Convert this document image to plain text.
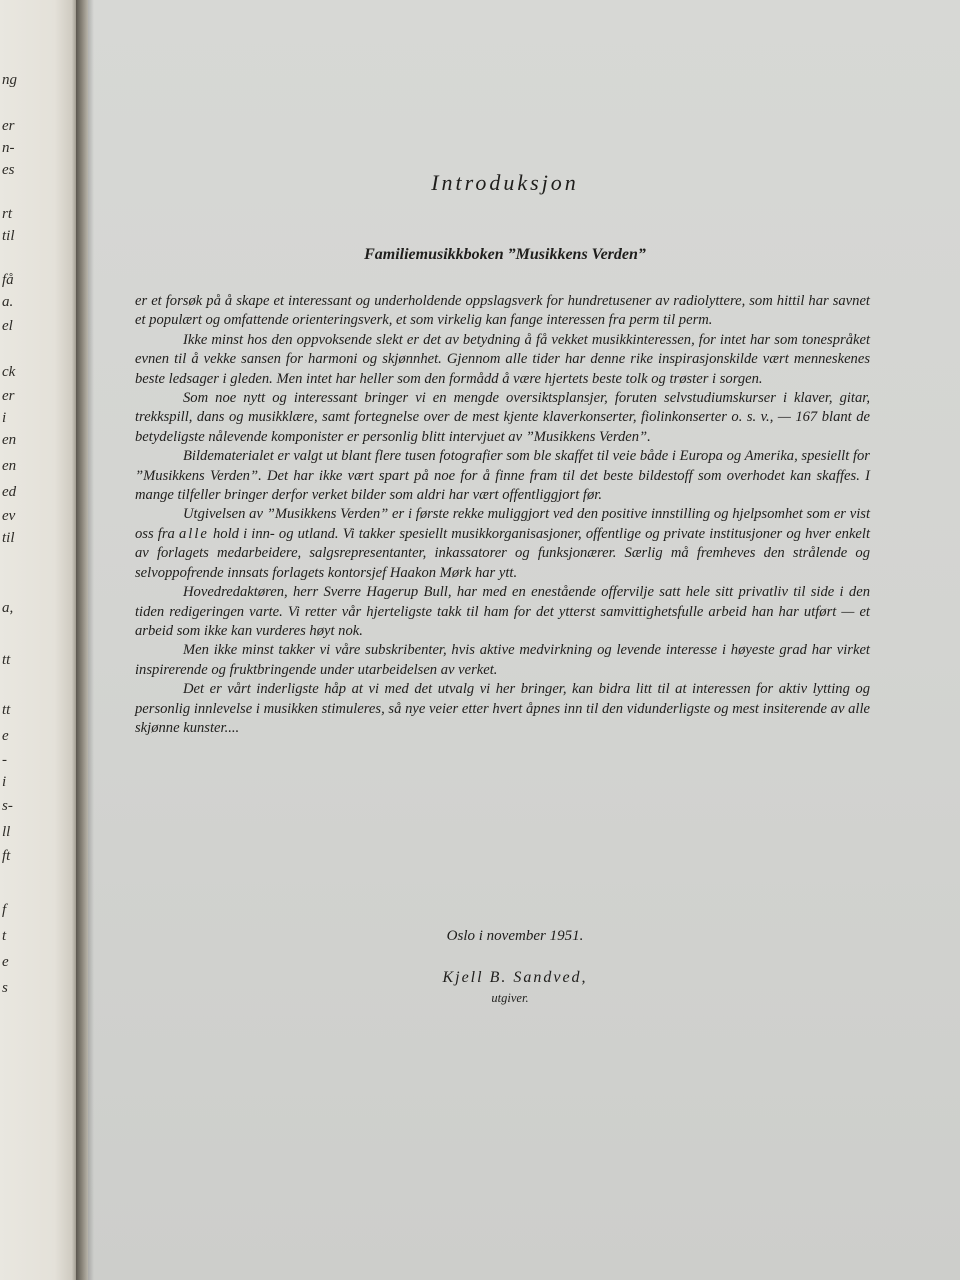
ng
er
n-
es
rt
til
få
a.
el
ck
er
i
en
en
ed
ev
til
a,
tt
tt
e
-
i
s-
ll
ft
f
t
e
s
Introduksjon
Familiemusikkboken ”Musikkens Verden”

er et forsøk på å skape et interessant og underholdende oppslagsverk for hundretusener av radiolyttere, som hittil har savnet et populært og omfattende orienteringsverk, et som virkelig kan fange interessen fra perm til perm.

Ikke minst hos den oppvoksende slekt er det av betydning å få vekket musikkinteressen, for intet har som tonespråket evnen til å vekke sansen for harmoni og skjønnhet. Gjennom alle tider har denne rike inspirasjonskilde vært menneskenes beste ledsager i gleden. Men intet har heller som den formådd å være hjertets beste tolk og trøster i sorgen.

Som noe nytt og interessant bringer vi en mengde oversiktsplansjer, foruten selvstudiumskurser i klaver, gitar, trekkspill, dans og musikklære, samt fortegnelse over de mest kjente klaverkonserter, fiolinkonserter o. s. v., — 167 blant de betydeligste nålevende komponister er personlig blitt intervjuet av ”Musikkens Verden”.

Bildematerialet er valgt ut blant flere tusen fotografier som ble skaffet til veie både i Europa og Amerika, spesiellt for ”Musikkens Verden”. Det har ikke vært spart på noe for å finne fram til det beste bildestoff som overhodet kan skaffes. I mange tilfeller bringer derfor verket bilder som aldri har vært offentliggjort før.

Utgivelsen av ”Musikkens Verden” er i første rekke muliggjort ved den positive innstilling og hjelpsomhet som er vist oss fra alle hold i inn- og utland. Vi takker spesiellt musikkorganisasjoner, offentlige og private institusjoner og hver enkelt av forlagets medarbeidere, salgsrepresentanter, inkassatorer og funksjonærer. Særlig må fremheves den strålende og selvoppofrende innsats forlagets kontorsjef Haakon Mørk har ytt.

Hovedredaktøren, herr Sverre Hagerup Bull, har med en enestående offervilje satt hele sitt privatliv til side i den tiden redigeringen varte. Vi retter vår hjerteligste takk til ham for det ytterst samvittighetsfulle arbeid han har utført — et arbeid som ikke kan vurderes høyt nok.

Men ikke minst takker vi våre subskribenter, hvis aktive medvirkning og levende interesse i høyeste grad har virket inspirerende og fruktbringende under utarbeidelsen av verket.

Det er vårt inderligste håp at vi med det utvalg vi her bringer, kan bidra litt til at interessen for aktiv lytting og personlig innlevelse i musikken stimuleres, så nye veier etter hvert åpnes inn til den vidunderligste og mest insiterende av alle skjønne kunster....

Oslo i november 1951.

Kjell B. Sandved,

utgiver.
